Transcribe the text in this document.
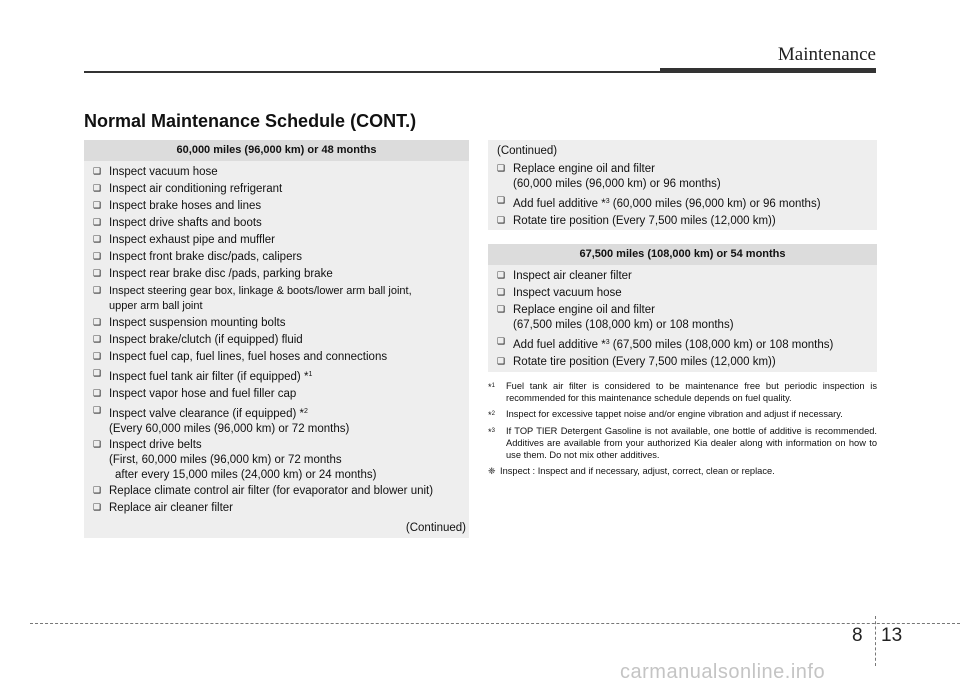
Maintenance
Normal Maintenance Schedule (CONT.)
60,000 miles (96,000 km) or 48 months
❑ Inspect vacuum hose
❑ Inspect air conditioning refrigerant
❑ Inspect brake hoses and lines
❑ Inspect drive shafts and boots
❑ Inspect exhaust pipe and muffler
❑ Inspect front brake disc/pads, calipers
❑ Inspect rear brake disc /pads, parking brake
❑ Inspect steering gear box, linkage & boots/lower arm ball joint,
upper arm ball joint
❑ Inspect suspension mounting bolts
❑ Inspect brake/clutch (if equipped) fluid
❑ Inspect fuel cap, fuel lines, fuel hoses and connections
❑ Inspect fuel tank air filter (if equipped) *$^1$
❑ Inspect vapor hose and fuel filler cap
❑ Inspect valve clearance (if equipped) *$^2$
(Every 60,000 miles (96,000 km) or 72 months)
❑ Inspect drive belts
(First, 60,000 miles (96,000 km) or 72 months
after every 15,000 miles (24,000 km) or 24 months)
❑ Replace climate control air filter (for evaporator and blower unit)
❑ Replace air cleaner filter
(Continued)
(Continued)
❑ Replace engine oil and filter
(60,000 miles (96,000 km) or 96 months)
❑ Add fuel additive *$^3$ (60,000 miles (96,000 km) or 96 months)
❑ Rotate tire position (Every 7,500 miles (12,000 km))
67,500 miles (108,000 km) or 54 months
❑ Inspect air cleaner filter
❑ Inspect vacuum hose
❑ Replace engine oil and filter
(67,500 miles (108,000 km) or 108 months)
❑ Add fuel additive *$^3$ (67,500 miles (108,000 km) or 108 months)
❑ Rotate tire position (Every 7,500 miles (12,000 km))
*$^1$	Fuel tank air filter is considered to be maintenance free but periodic inspection is recommended for this maintenance schedule depends on fuel quality.
*$^2$	Inspect for excessive tappet noise and/or engine vibration and adjust if necessary.
*$^3$	If TOP TIER Detergent Gasoline is not available, one bottle of additive is recommended. Additives are available from your authorized Kia dealer along with information on how to use them. Do not mix other additives.
❈ Inspect : Inspect and if necessary, adjust, correct, clean or replace.
8 13
carmanualsonline.info
